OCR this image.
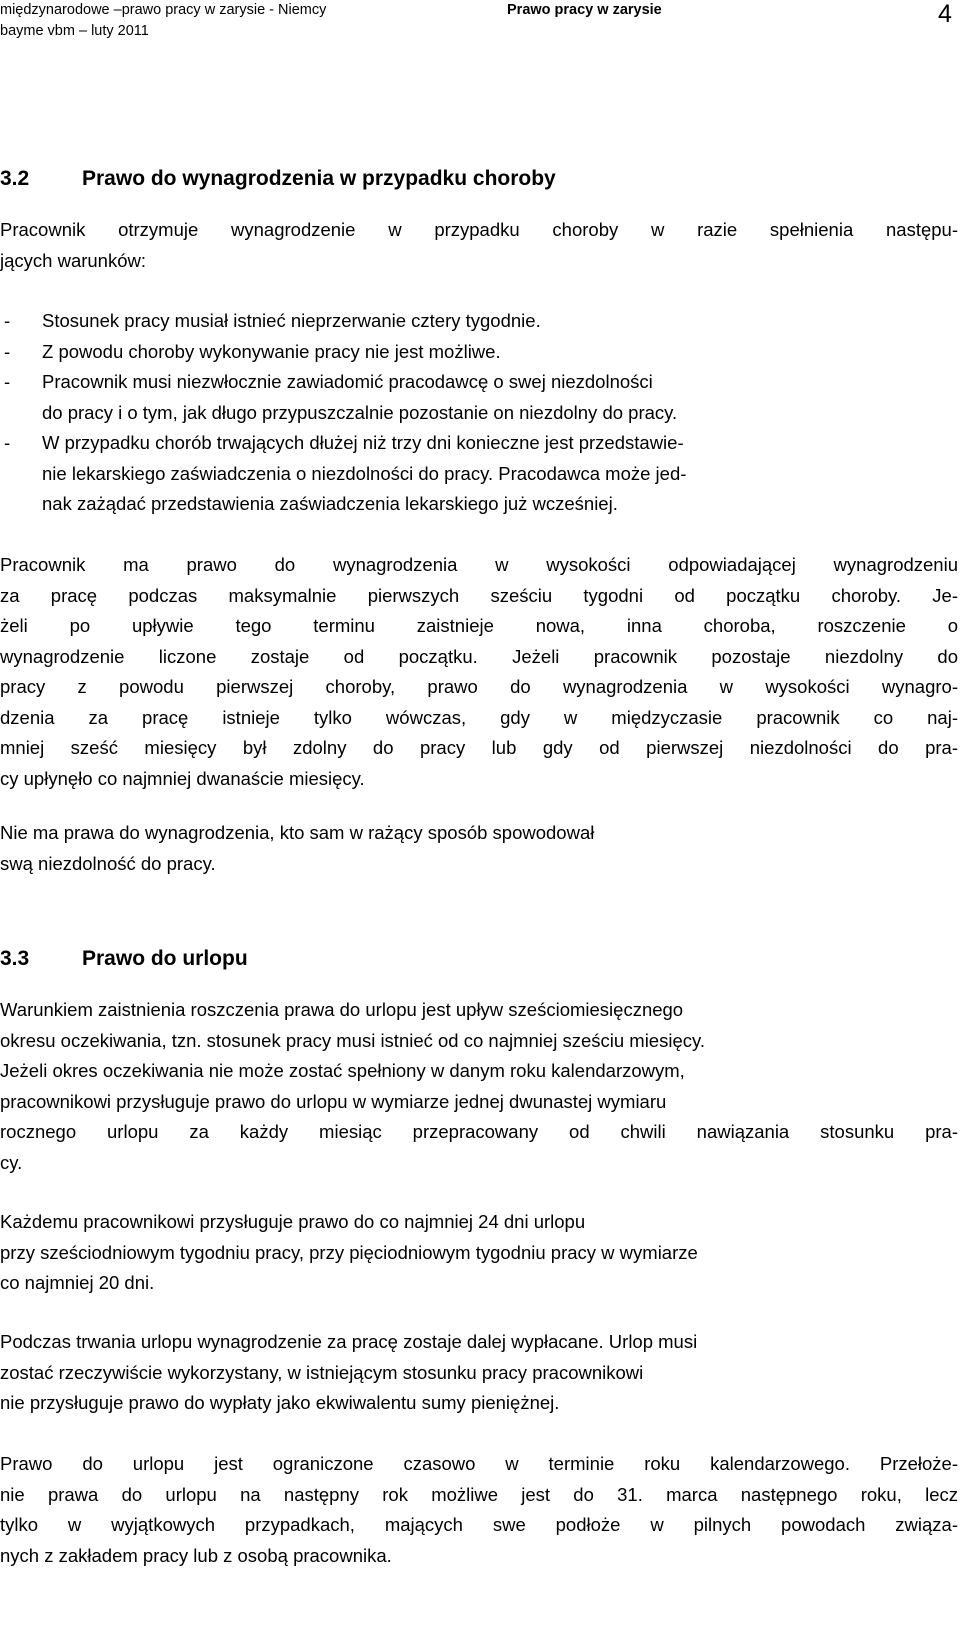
międzynarodowe –prawo pracy w zarysie - Niemcy
bayme vbm – luty 2011
Prawo pracy w zarysie	4
3.2	Prawo do wynagrodzenia w przypadku choroby
Pracownik otrzymuje wynagrodzenie w przypadku choroby w razie spełnienia następu-
jących warunków:
- Stosunek pracy musiał istnieć nieprzerwanie cztery tygodnie.
- Z powodu choroby wykonywanie pracy nie jest możliwe.
- Pracownik musi niezwłocznie zawiadomić pracodawcę o swej niezdolności
do pracy i o tym, jak długo przypuszczalnie pozostanie on niezdolny do pracy.
- W przypadku chorób trwających dłużej niż trzy dni konieczne jest przedstawie-
nie lekarskiego zaświadczenia o niezdolności do pracy. Pracodawca może jed-
nak zażądać przedstawienia zaświadczenia lekarskiego już wcześniej.
Pracownik ma prawo do wynagrodzenia w wysokości odpowiadającej wynagrodzeniu
za pracę podczas maksymalnie pierwszych sześciu tygodni od początku choroby. Je-
żeli po upływie tego terminu zaistnieje nowa, inna choroba, roszczenie o
wynagrodzenie liczone zostaje od początku. Jeżeli pracownik pozostaje niezdolny do
pracy z powodu pierwszej choroby, prawo do wynagrodzenia w wysokości wynagro-
dzenia za pracę istnieje tylko wówczas, gdy w międzyczasie pracownik co naj-
mniej sześć miesięcy był zdolny do pracy lub gdy od pierwszej niezdolności do pra-
cy upłynęło co najmniej dwanaście miesięcy.
Nie ma prawa do wynagrodzenia, kto sam w rażący sposób spowodował
swą niezdolność do pracy.
3.3	Prawo do urlopu
Warunkiem zaistnienia roszczenia prawa do urlopu jest upływ sześciomiesięcznego
okresu oczekiwania, tzn. stosunek pracy musi istnieć od co najmniej sześciu miesięcy.
Jeżeli okres oczekiwania nie może zostać spełniony w danym roku kalendarzowym,
pracownikowi przysługuje prawo do urlopu w wymiarze jednej dwunastej wymiaru
rocznego urlopu za każdy miesiąc przepracowany od chwili nawiązania stosunku pra-
cy.
Każdemu pracownikowi przysługuje prawo do co najmniej 24 dni urlopu
przy sześciodniowym tygodniu pracy, przy pięciodniowym tygodniu pracy w wymiarze
co najmniej 20 dni.
Podczas trwania urlopu wynagrodzenie za pracę zostaje dalej wypłacane. Urlop musi
zostać rzeczywiście wykorzystany, w istniejącym stosunku pracy pracownikowi
nie przysługuje prawo do wypłaty jako ekwiwalentu sumy pieniężnej.
Prawo do urlopu jest ograniczone czasowo w terminie roku kalendarzowego. Przełoże-
nie prawa do urlopu na następny rok możliwe jest do 31. marca następnego roku, lecz
tylko w wyjątkowych przypadkach, mających swe podłoże w pilnych powodach związa-
nych z zakładem pracy lub z osobą pracownika.
